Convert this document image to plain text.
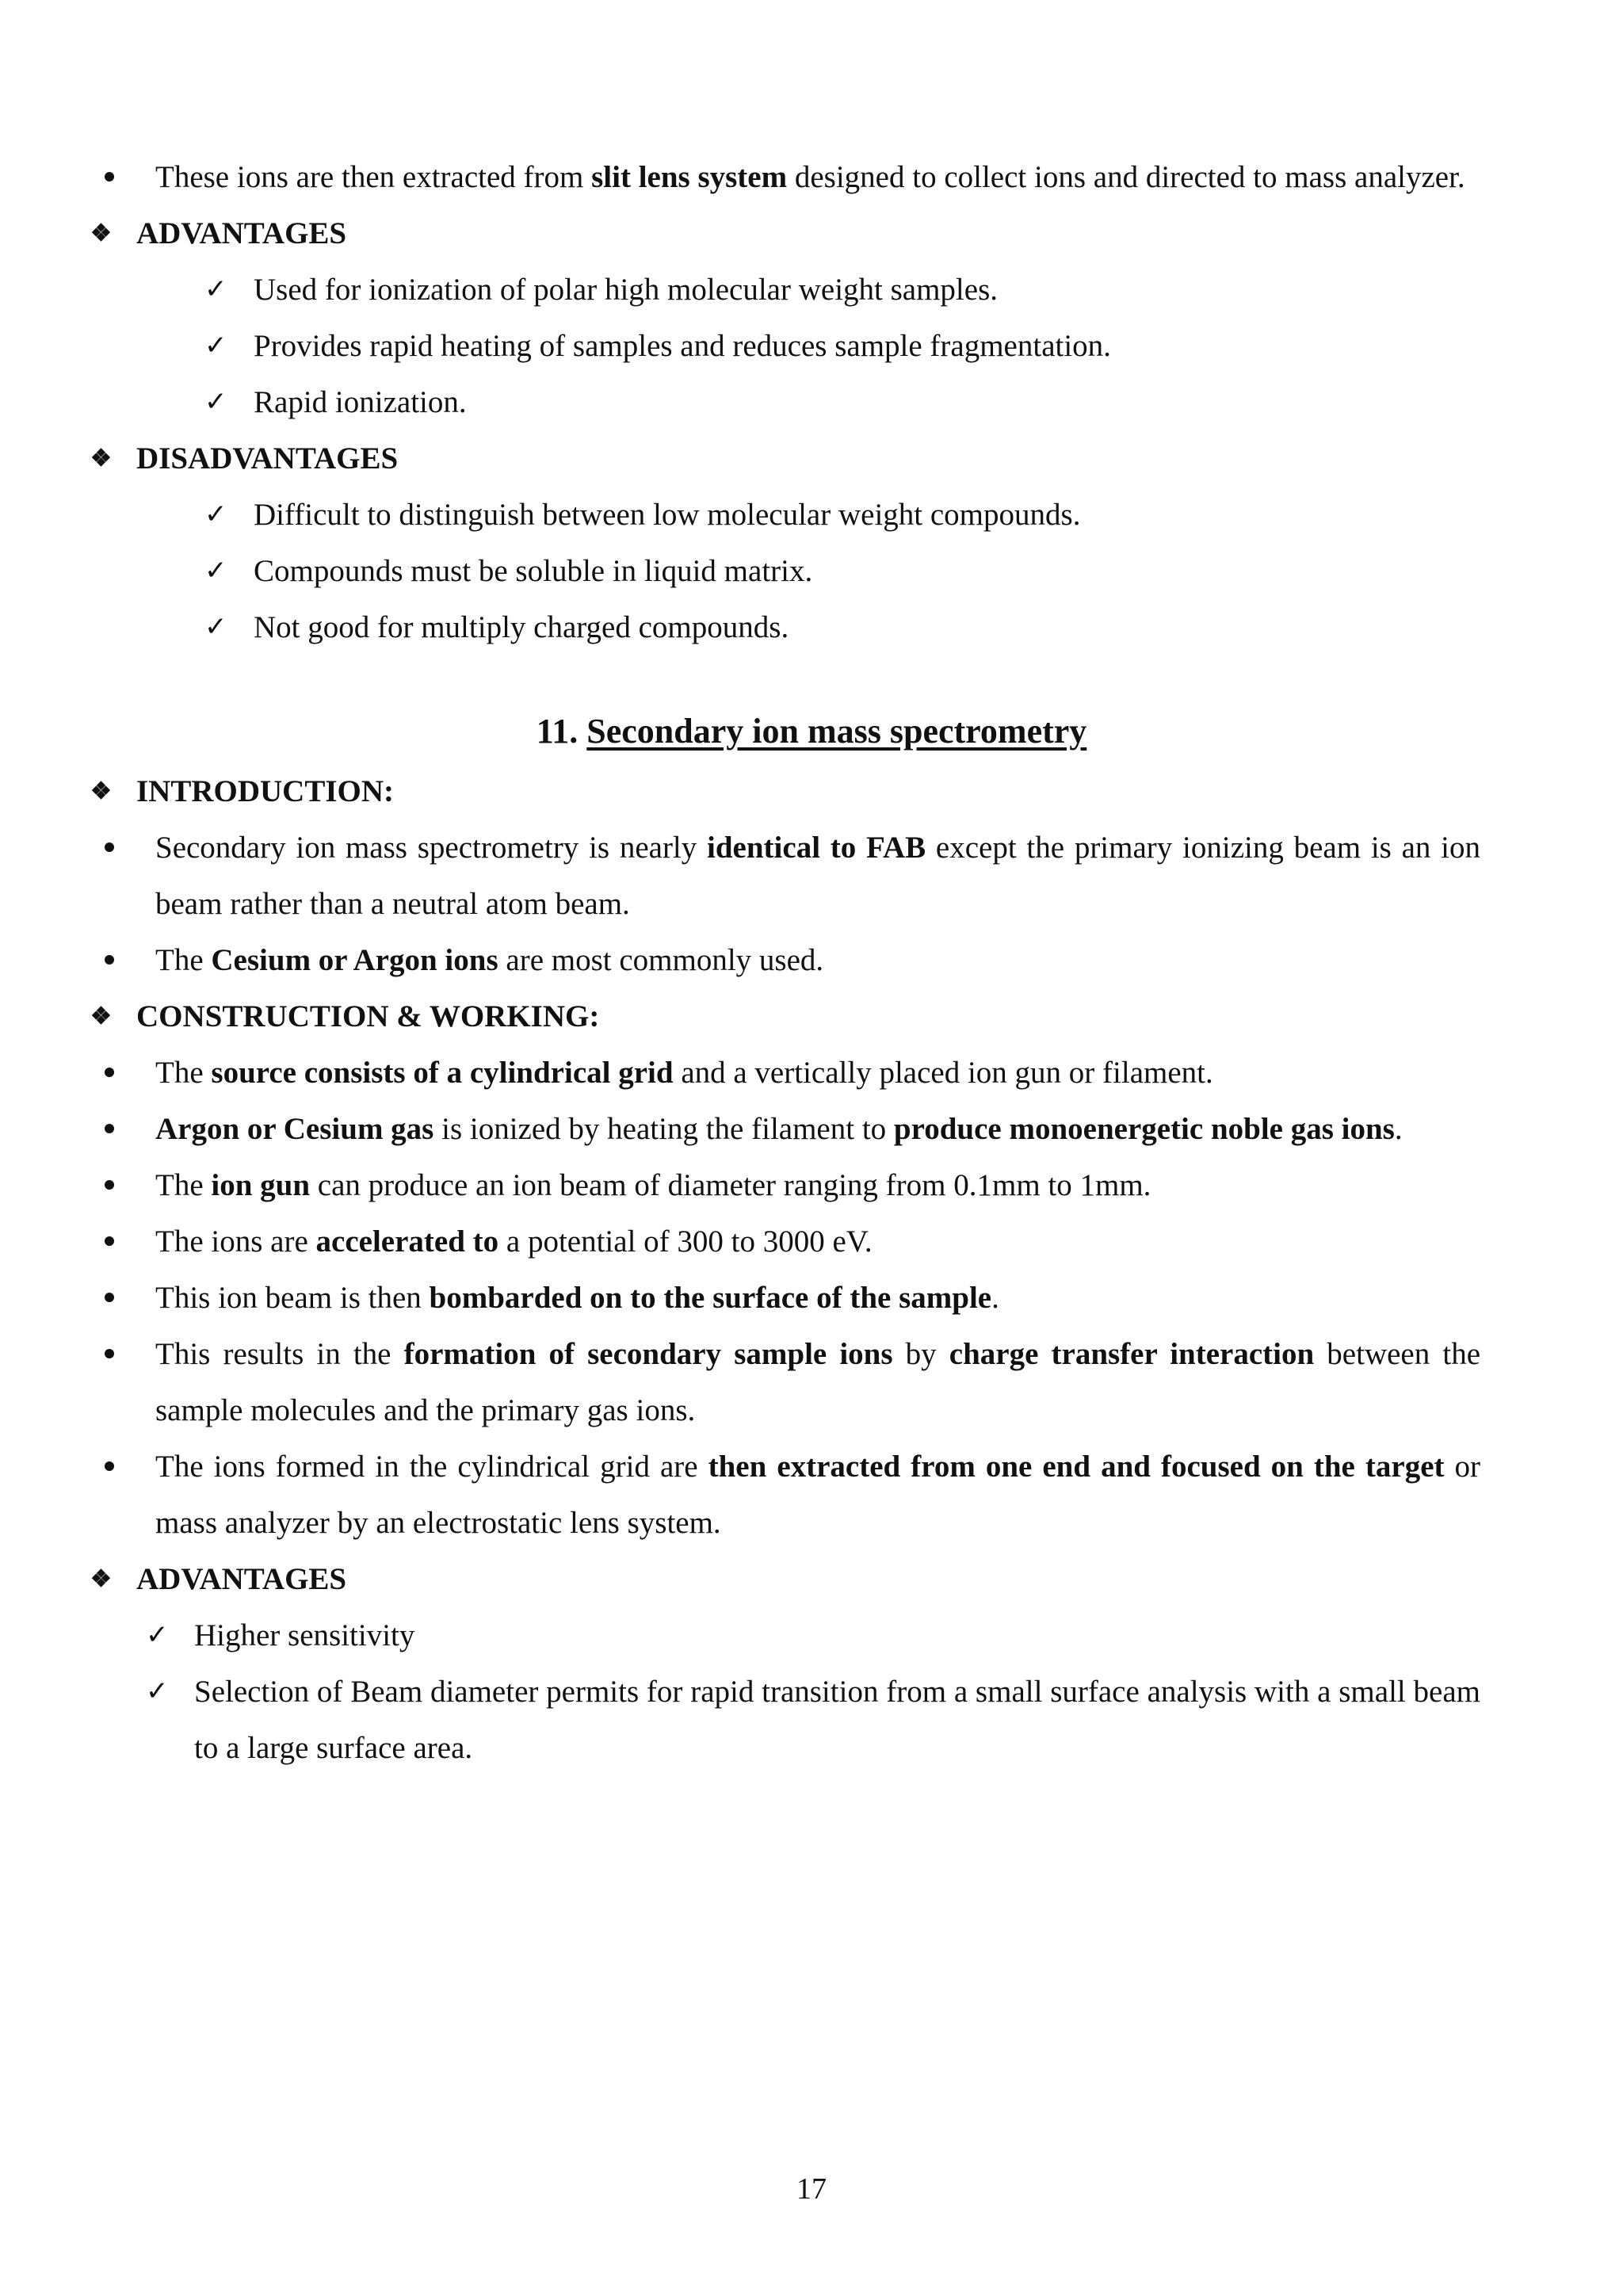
These ions are then extracted from slit lens system designed to collect ions and directed to mass analyzer.
❖ ADVANTAGES
✓ Used for ionization of polar high molecular weight samples.
✓ Provides rapid heating of samples and reduces sample fragmentation.
✓ Rapid ionization.
❖ DISADVANTAGES
✓ Difficult to distinguish between low molecular weight compounds.
✓ Compounds must be soluble in liquid matrix.
✓ Not good for multiply charged compounds.
11. Secondary ion mass spectrometry
❖ INTRODUCTION:
Secondary ion mass spectrometry is nearly identical to FAB except the primary ionizing beam is an ion beam rather than a neutral atom beam.
The Cesium or Argon ions are most commonly used.
❖ CONSTRUCTION & WORKING:
The source consists of a cylindrical grid and a vertically placed ion gun or filament.
Argon or Cesium gas is ionized by heating the filament to produce monoenergetic noble gas ions.
The ion gun can produce an ion beam of diameter ranging from 0.1mm to 1mm.
The ions are accelerated to a potential of 300 to 3000 eV.
This ion beam is then bombarded on to the surface of the sample.
This results in the formation of secondary sample ions by charge transfer interaction between the sample molecules and the primary gas ions.
The ions formed in the cylindrical grid are then extracted from one end and focused on the target or mass analyzer by an electrostatic lens system.
❖ ADVANTAGES
✓ Higher sensitivity
✓ Selection of Beam diameter permits for rapid transition from a small surface analysis with a small beam to a large surface area.
17
